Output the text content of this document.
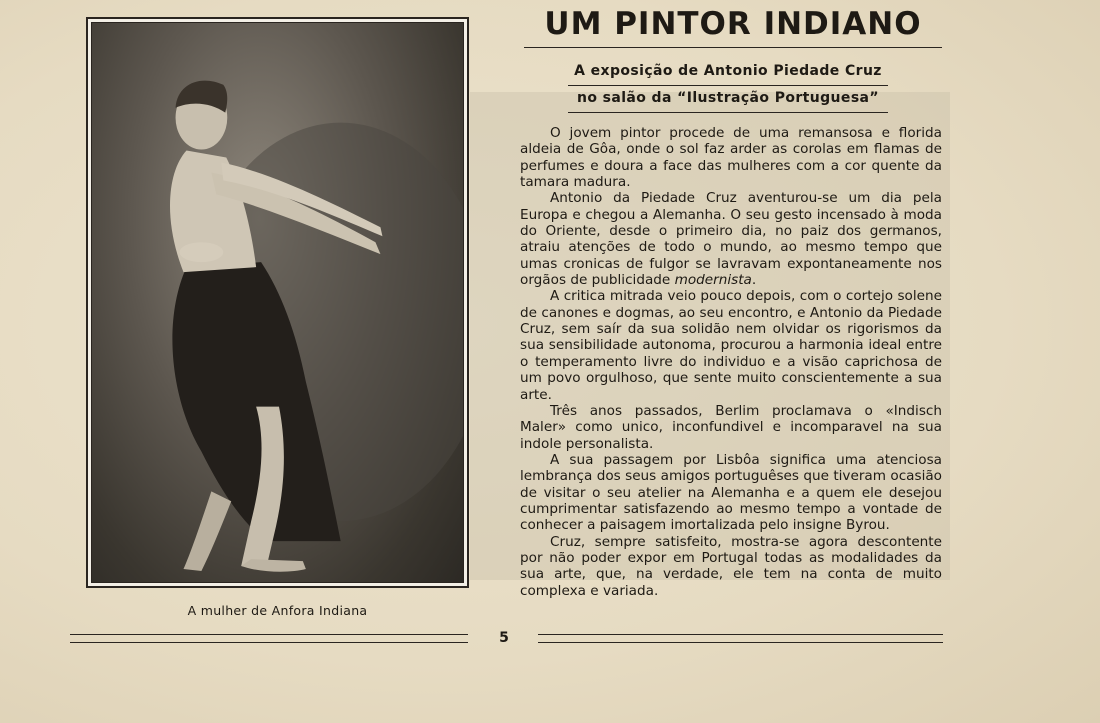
A mulher de Anfora Indiana
UM PINTOR INDIANO
A exposição de Antonio Piedade Cruz
no salão da “Ilustração Portuguesa”

O jovem pintor procede de uma remansosa e florida aldeia de Gôa, onde o sol faz arder as corolas em flamas de perfumes e doura a face das mulheres com a cor quente da tamara madura.

Antonio da Piedade Cruz aventurou-se um dia pela Europa e chegou a Alemanha. O seu gesto incensado à moda do Oriente, desde o primeiro dia, no paiz dos germanos, atraiu atenções de todo o mundo, ao mesmo tempo que umas cronicas de fulgor se lavravam expontaneamente nos orgãos de publicidade modernista.

A critica mitrada veio pouco depois, com o cortejo solene de canones e dogmas, ao seu encontro, e Antonio da Piedade Cruz, sem saír da sua solidão nem olvidar os rigorismos da sua sensibilidade autonoma, procurou a harmonia ideal entre o temperamento livre do individuo e a visão caprichosa de um povo orgulhoso, que sente muito conscientemente a sua arte.

Três anos passados, Berlim proclamava o «Indisch Maler» como unico, inconfundivel e incomparavel na sua indole personalista.

A sua passagem por Lisbôa significa uma atenciosa lembrança dos seus amigos portuguêses que tiveram ocasião de visitar o seu atelier na Alemanha e a quem ele desejou cumprimentar satisfazendo ao mesmo tempo a vontade de conhecer a paisagem imortalizada pelo insigne Byrou.

Cruz, sempre satisfeito, mostra-se agora descontente por não poder expor em Portugal todas as modalidades da sua arte, que, na verdade, ele tem na conta de muito complexa e variada.

5
